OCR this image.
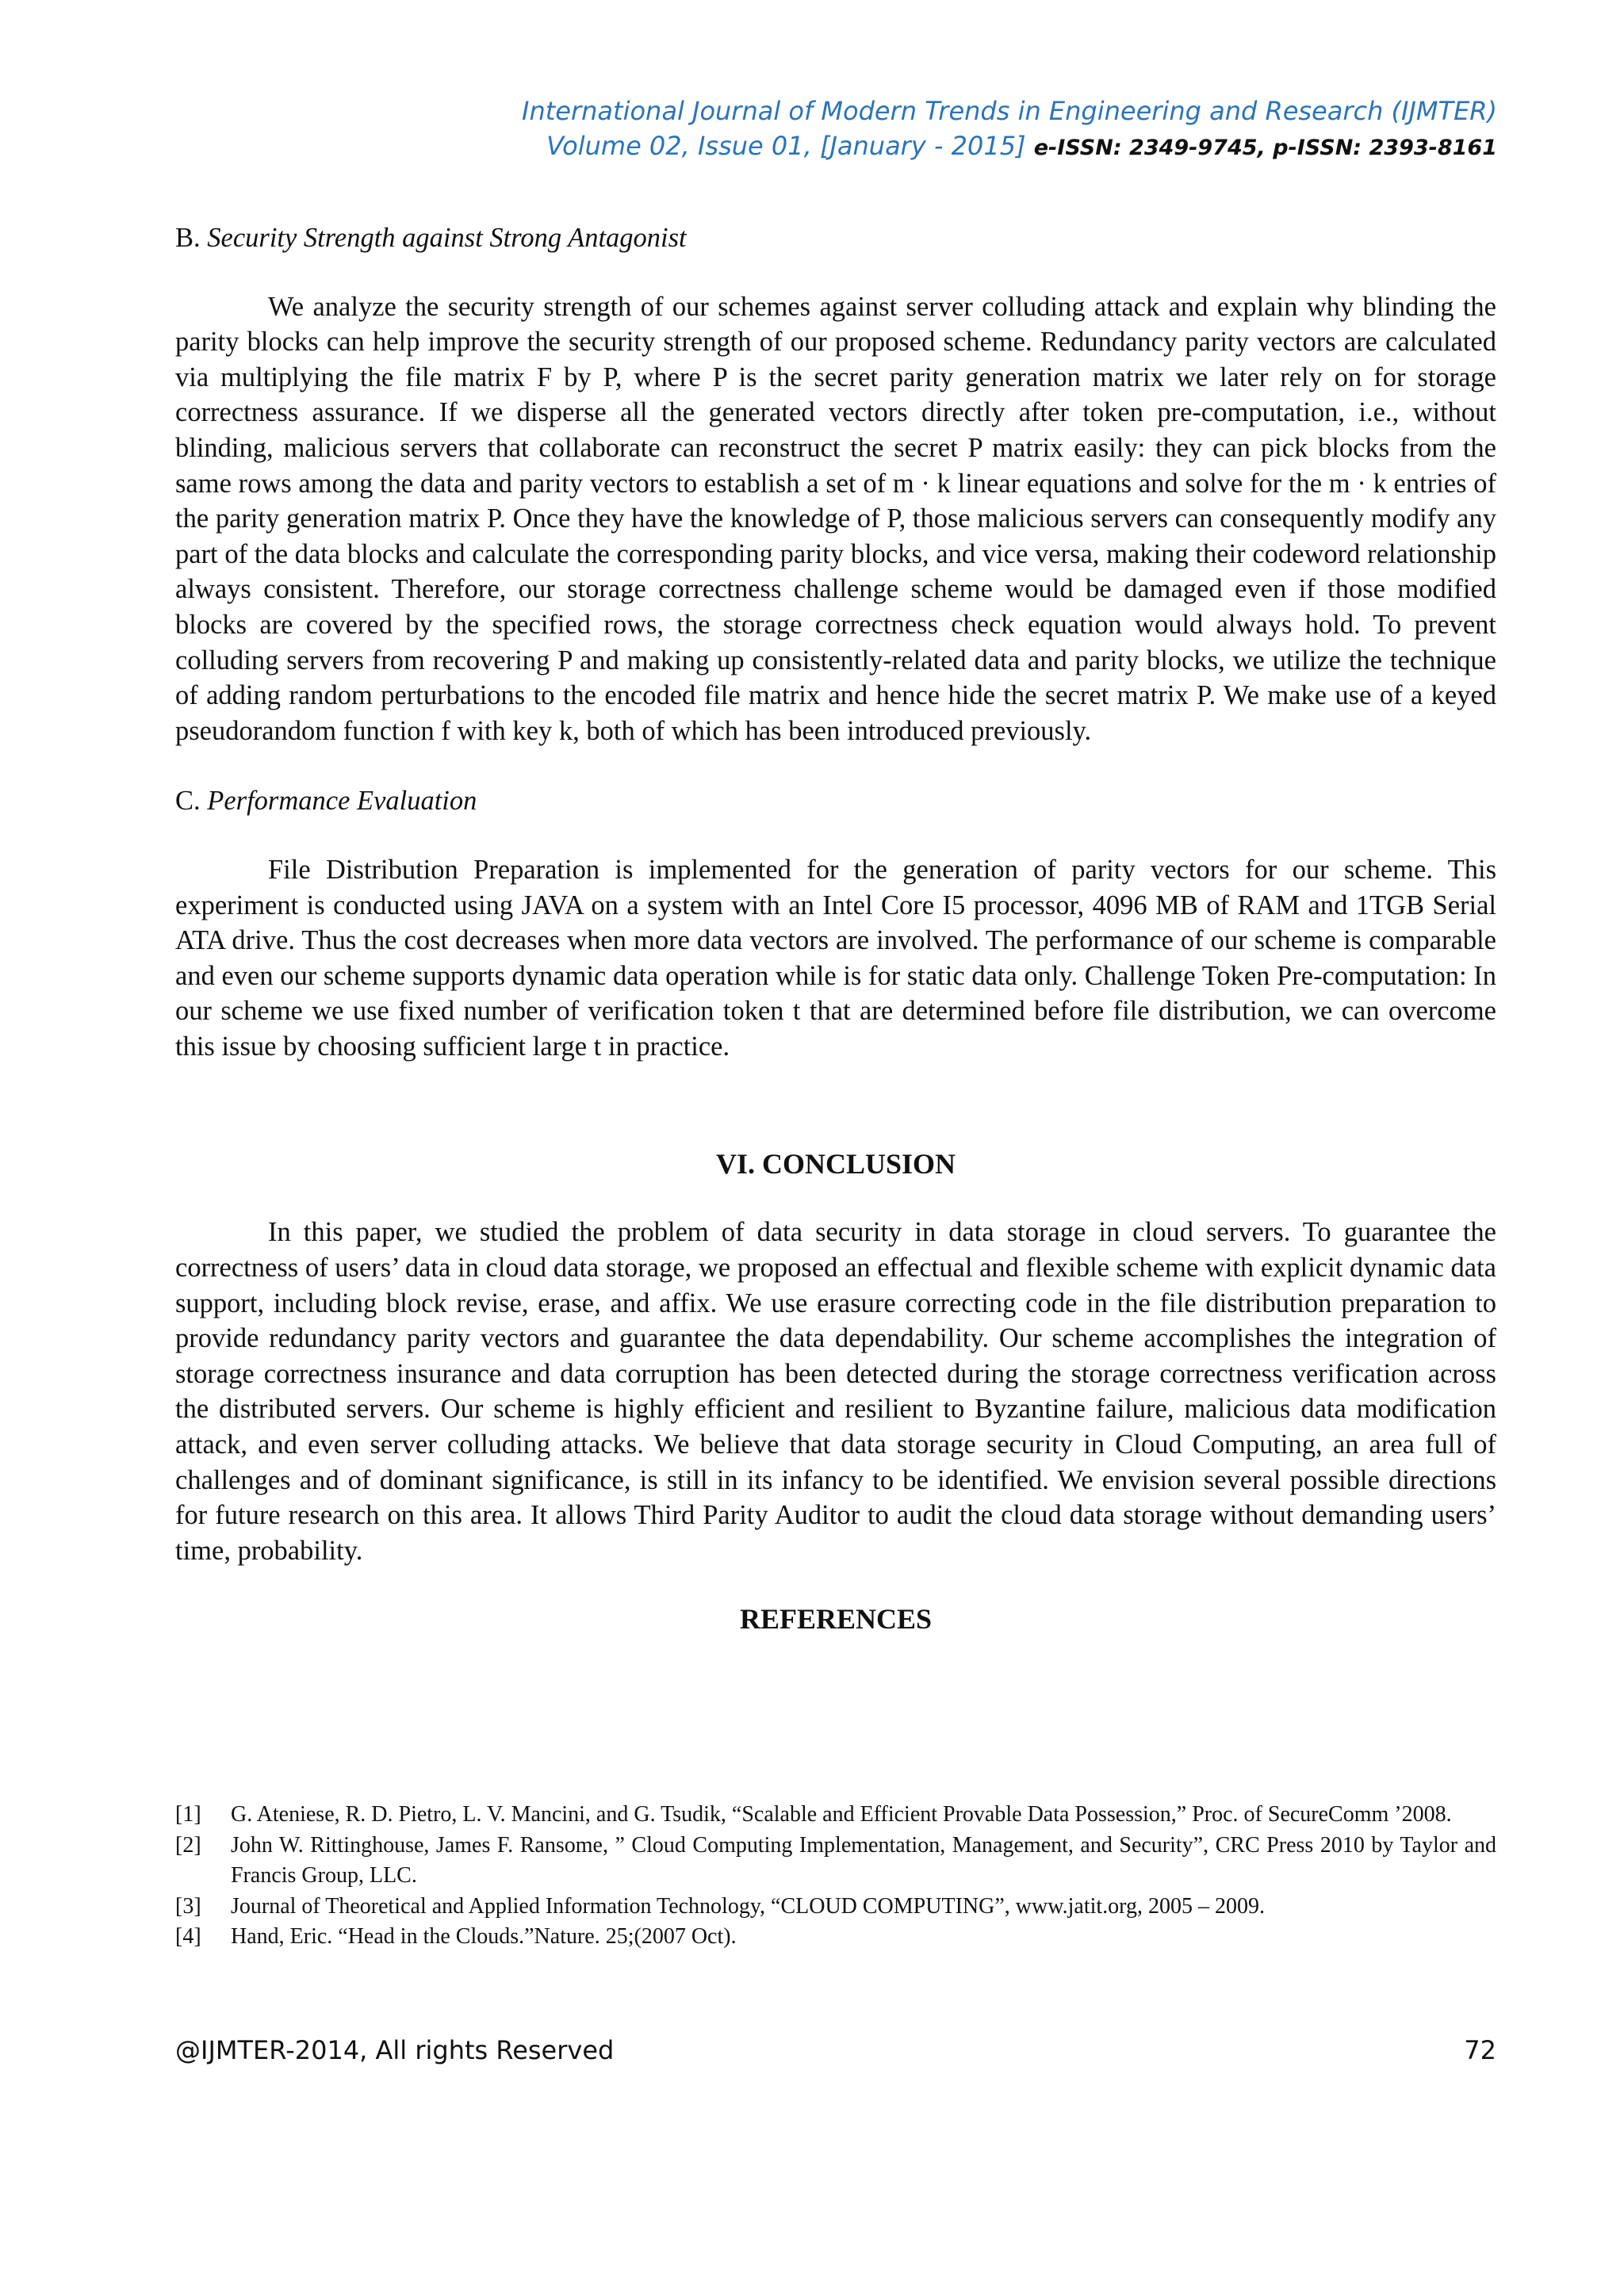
International Journal of Modern Trends in Engineering and Research (IJMTER)
Volume 02, Issue 01, [January - 2015] e-ISSN: 2349-9745, p-ISSN: 2393-8161

B. Security Strength against Strong Antagonist

We analyze the security strength of our schemes against server colluding attack and explain why blinding the parity blocks can help improve the security strength of our proposed scheme. Redundancy parity vectors are calculated via multiplying the file matrix F by P, where P is the secret parity generation matrix we later rely on for storage correctness assurance. If we disperse all the generated vectors directly after token pre-computation, i.e., without blinding, malicious servers that collaborate can reconstruct the secret P matrix easily: they can pick blocks from the same rows among the data and parity vectors to establish a set of m · k linear equations and solve for the m · k entries of the parity generation matrix P. Once they have the knowledge of P, those malicious servers can consequently modify any part of the data blocks and calculate the corresponding parity blocks, and vice versa, making their codeword relationship always consistent. Therefore, our storage correctness challenge scheme would be damaged even if those modified blocks are covered by the specified rows, the storage correctness check equation would always hold. To prevent colluding servers from recovering P and making up consistently-related data and parity blocks, we utilize the technique of adding random perturbations to the encoded file matrix and hence hide the secret matrix P. We make use of a keyed pseudorandom function f with key k, both of which has been introduced previously.

C. Performance Evaluation

File Distribution Preparation is implemented for the generation of parity vectors for our scheme. This experiment is conducted using JAVA on a system with an Intel Core I5 processor, 4096 MB of RAM and 1TGB Serial ATA drive. Thus the cost decreases when more data vectors are involved. The performance of our scheme is comparable and even our scheme supports dynamic data operation while is for static data only. Challenge Token Pre-computation: In our scheme we use fixed number of verification token t that are determined before file distribution, we can overcome this issue by choosing sufficient large t in practice.

VI. CONCLUSION

In this paper, we studied the problem of data security in data storage in cloud servers. To guarantee the correctness of users’ data in cloud data storage, we proposed an effectual and flexible scheme with explicit dynamic data support, including block revise, erase, and affix. We use erasure correcting code in the file distribution preparation to provide redundancy parity vectors and guarantee the data dependability. Our scheme accomplishes the integration of storage correctness insurance and data corruption has been detected during the storage correctness verification across the distributed servers. Our scheme is highly efficient and resilient to Byzantine failure, malicious data modification attack, and even server colluding attacks. We believe that data storage security in Cloud Computing, an area full of challenges and of dominant significance, is still in its infancy to be identified. We envision several possible directions for future research on this area. It allows Third Parity Auditor to audit the cloud data storage without demanding users’ time, probability.

REFERENCES

[1]	G. Ateniese, R. D. Pietro, L. V. Mancini, and G. Tsudik, “Scalable and Efficient Provable Data Possession,” Proc. of SecureComm ’2008.
[2]	John W. Rittinghouse, James F. Ransome, ” Cloud Computing Implementation, Management, and Security”, CRC Press 2010 by Taylor and Francis Group, LLC.
[3]	Journal of Theoretical and Applied Information Technology, “CLOUD COMPUTING”, www.jatit.org, 2005 – 2009.
[4]	Hand, Eric. “Head in the Clouds.”Nature. 25;(2007 Oct).
@IJMTER-2014, All rights Reserved	72
